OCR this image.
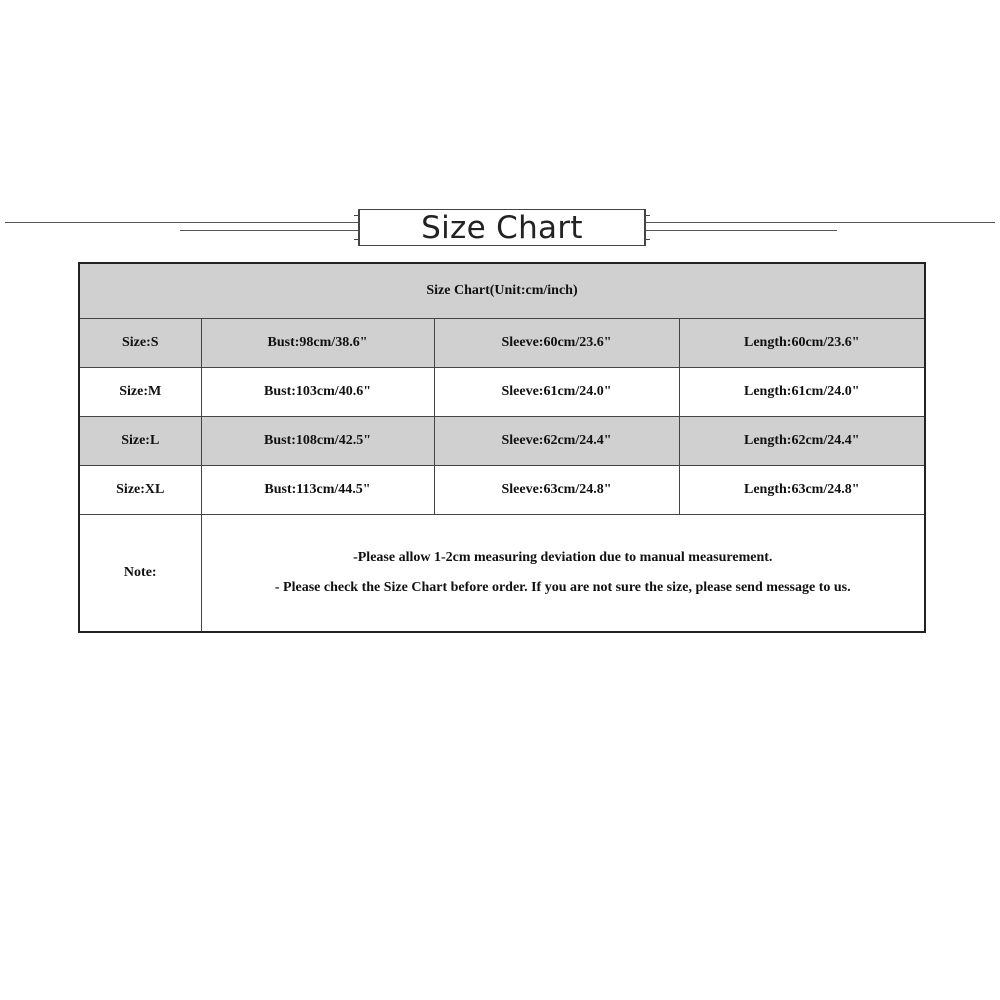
Size Chart
Size Chart(Unit:cm/inch)			
Size:S	Bust:98cm/38.6"	Sleeve:60cm/23.6"	Length:60cm/23.6"
Size:M	Bust:103cm/40.6"	Sleeve:61cm/24.0"	Length:61cm/24.0"
Size:L	Bust:108cm/42.5"	Sleeve:62cm/24.4"	Length:62cm/24.4"
Size:XL	Bust:113cm/44.5"	Sleeve:63cm/24.8"	Length:63cm/24.8"
Note:	-Please allow 1-2cm measuring deviation due to manual measurement.
- Please check the Size Chart before order. If you are not sure the size, please send message to us.		
